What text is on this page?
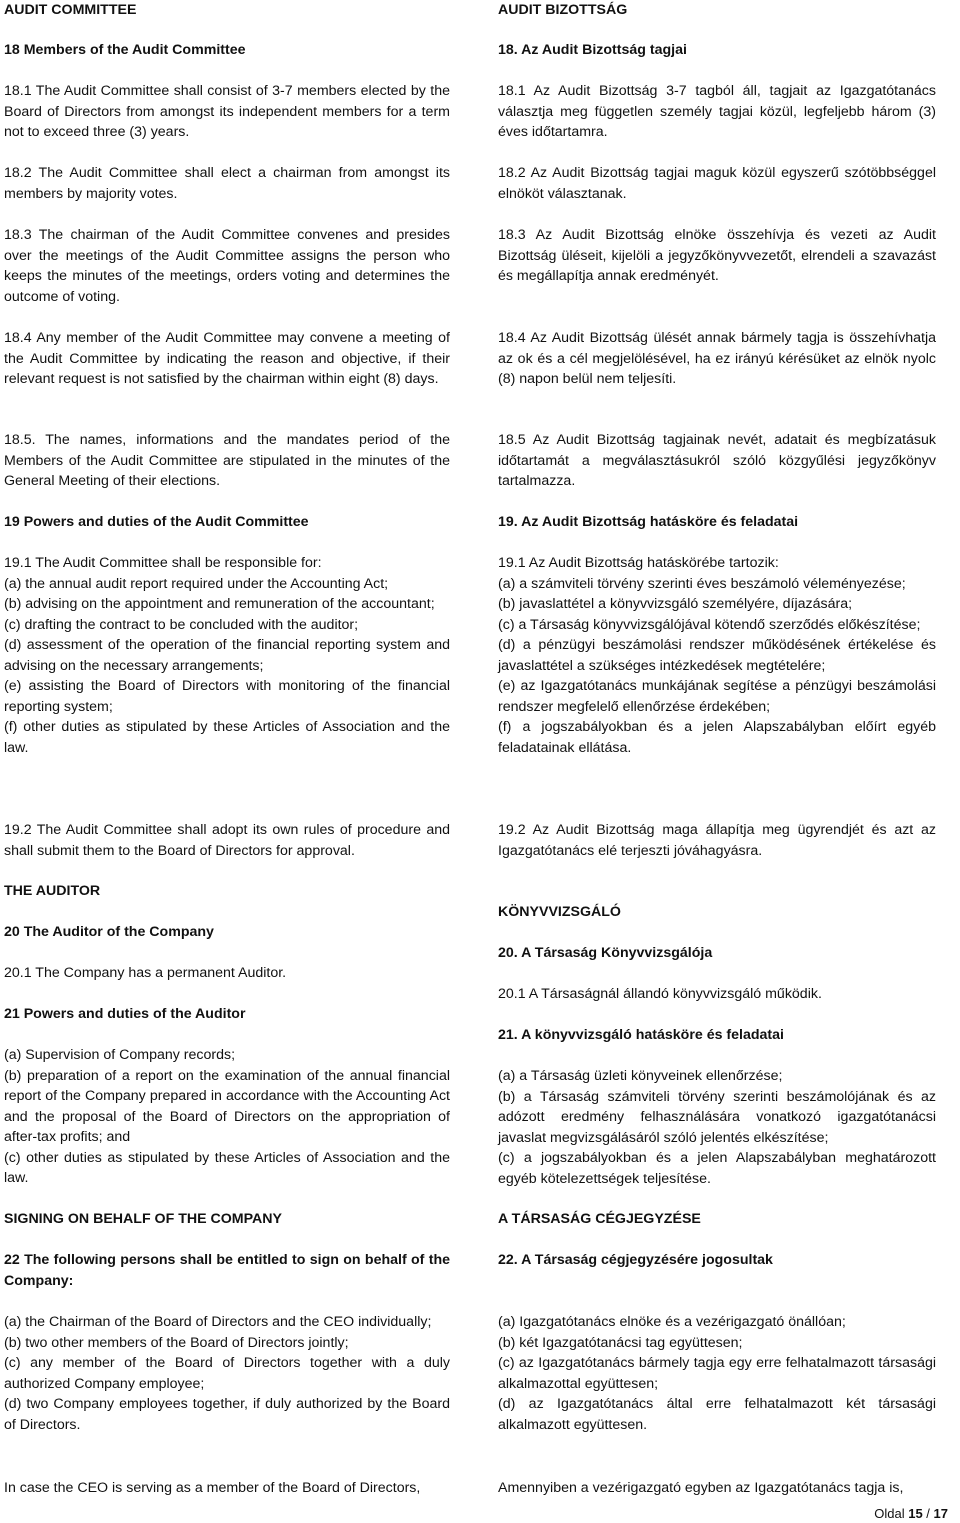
AUDIT COMMITTEE

18 Members of the Audit Committee

18.1 The Audit Committee shall consist of 3-7 members elected by the Board of Directors from amongst its independent members for a term not to exceed three (3) years.

18.2 The Audit Committee shall elect a chairman from amongst its members by majority votes.

18.3 The chairman of the Audit Committee convenes and presides over the meetings of the Audit Committee assigns the person who keeps the minutes of the meetings, orders voting and determines the outcome of voting.

18.4 Any member of the Audit Committee may convene a meeting of the Audit Committee by indicating the reason and objective, if their relevant request is not satisfied by the chairman within eight (8) days.

18.5. The names, informations and the mandates period of the Members of the Audit Committee are stipulated in the minutes of the General Meeting of their elections.

19 Powers and duties of the Audit Committee

19.1 The Audit Committee shall be responsible for:
(a) the annual audit report required under the Accounting Act;
(b) advising on the appointment and remuneration of the accountant;
(c) drafting the contract to be concluded with the auditor;
(d) assessment of the operation of the financial reporting system and advising on the necessary arrangements;
(e) assisting the Board of Directors with monitoring of the financial reporting system;
(f) other duties as stipulated by these Articles of Association and the law.

19.2 The Audit Committee shall adopt its own rules of procedure and shall submit them to the Board of Directors for approval.

THE AUDITOR

20 The Auditor of the Company

20.1 The Company has a permanent Auditor.

21 Powers and duties of the Auditor

(a) Supervision of Company records;
(b) preparation of a report on the examination of the annual financial report of the Company prepared in accordance with the Accounting Act and the proposal of the Board of Directors on the appropriation of after-tax profits; and
(c) other duties as stipulated by these Articles of Association and the law.

SIGNING ON BEHALF OF THE COMPANY

22 The following persons shall be entitled to sign on behalf of the Company:

(a) the Chairman of the Board of Directors and the CEO individually;
(b) two other members of the Board of Directors jointly;
(c) any member of the Board of Directors together with a duly authorized Company employee;
(d) two Company employees together, if duly authorized by the Board of Directors.

In case the CEO is serving as a member of the Board of Directors,

AUDIT BIZOTTSÁG

18. Az Audit Bizottság tagjai

18.1 Az Audit Bizottság 3-7 tagból áll, tagjait az Igazgatótanács választja meg független személy tagjai közül, legfeljebb három (3) éves időtartamra.

18.2 Az Audit Bizottság tagjai maguk közül egyszerű szótöbbséggel elnököt választanak.

18.3 Az Audit Bizottság elnöke összehívja és vezeti az Audit Bizottság üléseit, kijelöli a jegyzőkönyvvezetőt, elrendeli a szavazást és megállapítja annak eredményét.

18.4 Az Audit Bizottság ülését annak bármely tagja is összehívhatja az ok és a cél megjelölésével, ha ez irányú kérésüket az elnök nyolc (8) napon belül nem teljesíti.

18.5 Az Audit Bizottság tagjainak nevét, adatait és megbízatásuk időtartamát a megválasztásukról szóló közgyűlési jegyzőkönyv tartalmazza.

19. Az Audit Bizottság hatásköre és feladatai

19.1 Az Audit Bizottság hatáskörébe tartozik:
(a) a számviteli törvény szerinti éves beszámoló véleményezése;
(b) javaslattétel a könyvvizsgáló személyére, díjazására;
(c) a Társaság könyvvizsgálójával kötendő szerződés előkészítése;
(d) a pénzügyi beszámolási rendszer működésének értékelése és javaslattétel a szükséges intézkedések megtételére;
(e) az Igazgatótanács munkájának segítése a pénzügyi beszámolási rendszer megfelelő ellenőrzése érdekében;
(f) a jogszabályokban és a jelen Alapszabályban előírt egyéb feladatainak ellátása.

19.2 Az Audit Bizottság maga állapítja meg ügyrendjét és azt az Igazgatótanács elé terjeszti jóváhagyásra.

KÖNYVVIZSGÁLÓ

20. A Társaság Könyvvizsgálója

20.1 A Társaságnál állandó könyvvizsgáló működik.

21. A könyvvizsgáló hatásköre és feladatai

(a) a Társaság üzleti könyveinek ellenőrzése;
(b) a Társaság számviteli törvény szerinti beszámolójának és az adózott eredmény felhasználására vonatkozó igazgatótanácsi javaslat megvizsgálásáról szóló jelentés elkészítése;
(c) a jogszabályokban és a jelen Alapszabályban meghatározott egyéb kötelezettségek teljesítése.

A TÁRSASÁG CÉGJEGYZÉSE

22. A Társaság cégjegyzésére jogosultak

(a) Igazgatótanács elnöke és a vezérigazgató önállóan;
(b) két Igazgatótanácsi tag együttesen;
(c) az Igazgatótanács bármely tagja egy erre felhatalmazott társasági alkalmazottal együttesen;
(d) az Igazgatótanács által erre felhatalmazott két társasági alkalmazott együttesen.

Amennyiben a vezérigazgató egyben az Igazgatótanács tagja is,

Oldal 15 / 17
